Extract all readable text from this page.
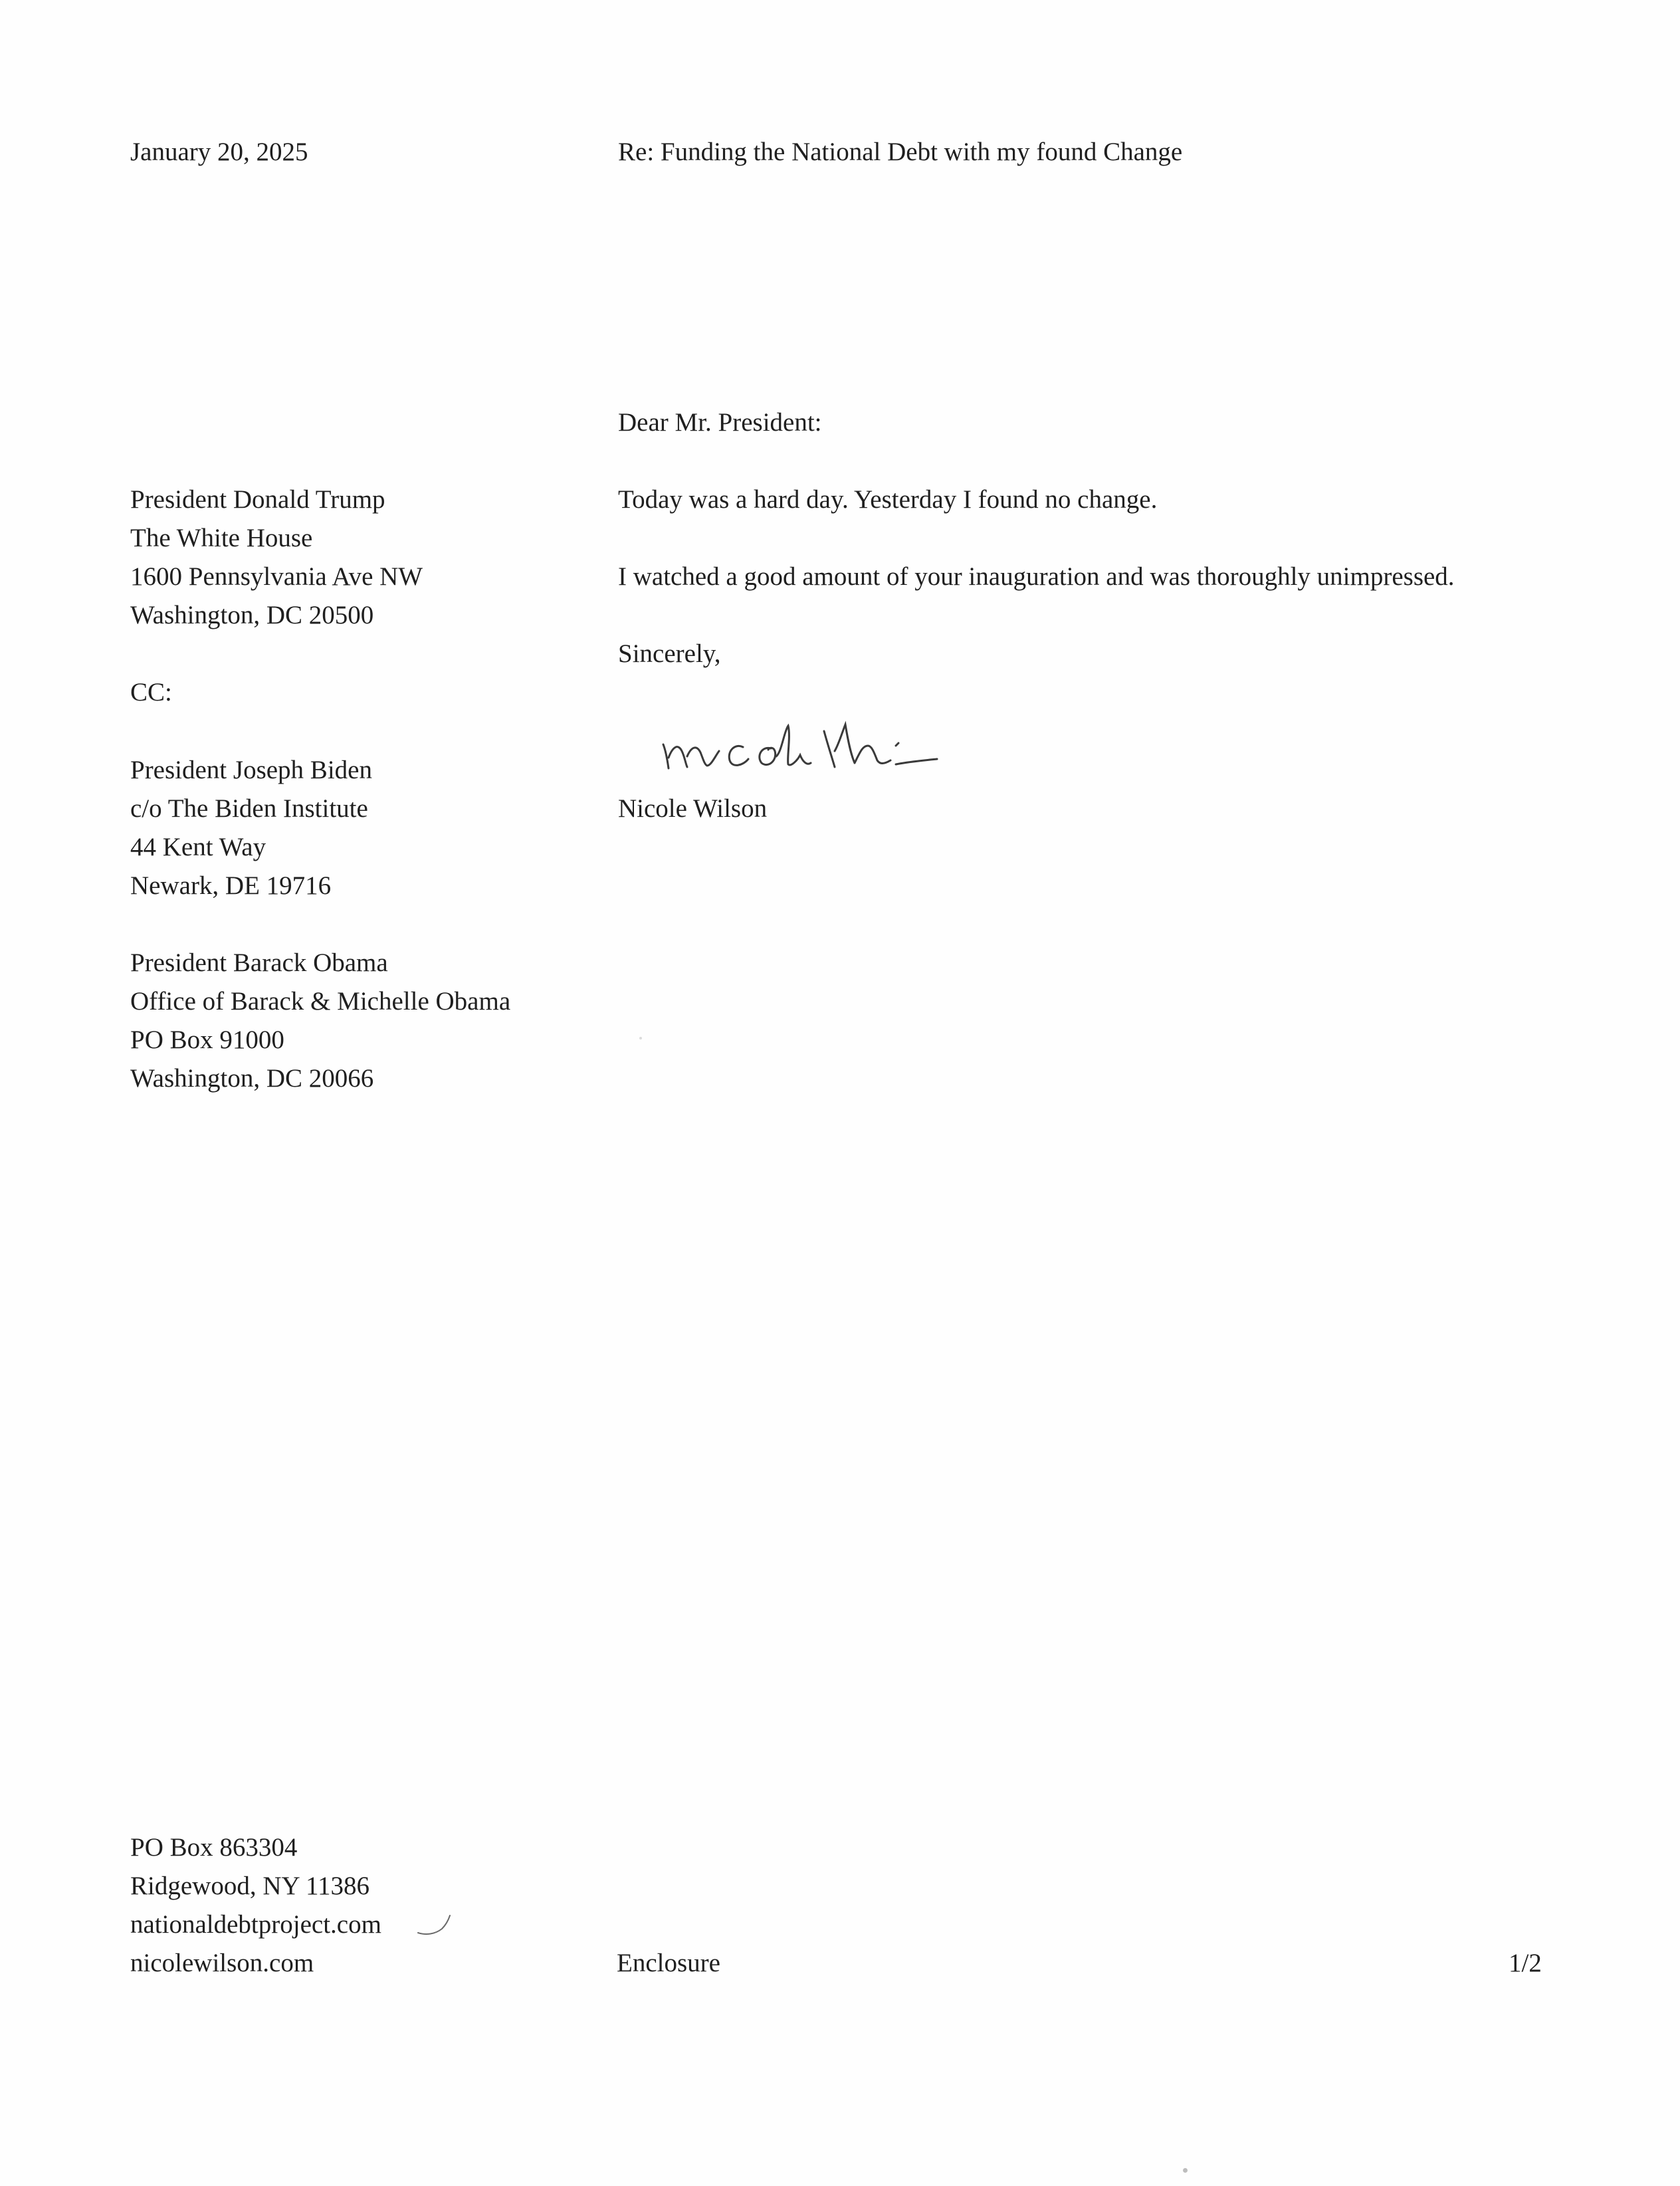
January 20, 2025	Re: Funding the National Debt with my found Change
Dear Mr. President:
Today was a hard day. Yesterday I found no change.
I watched a good amount of your inauguration and was thoroughly unimpressed.
Sincerely,
Nicole Wilson
President Donald Trump
The White House
1600 Pennsylvania Ave NW
Washington, DC 20500
CC:
President Joseph Biden
c/o The Biden Institute
44 Kent Way
Newark, DE 19716
President Barack Obama
Office of Barack & Michelle Obama
PO Box 91000
Washington, DC 20066
PO Box 863304
Ridgewood, NY 11386
nationaldebtproject.com
nicolewilson.com	Enclosure	1/2
